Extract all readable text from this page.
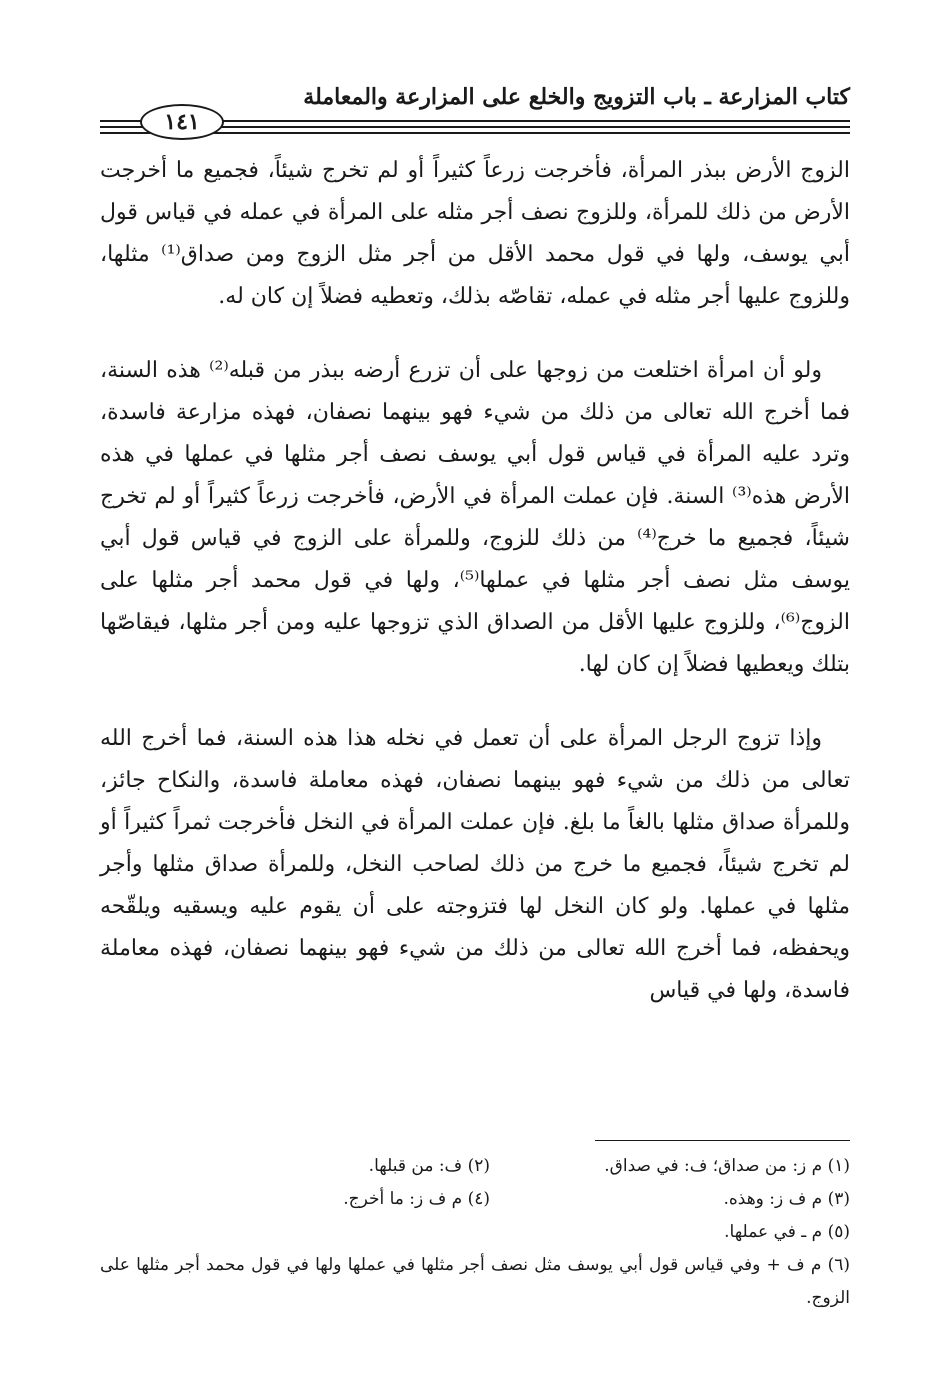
كتاب المزارعة ـ باب التزويج والخلع على المزارعة والمعاملة
١٤١

الزوج الأرض ببذر المرأة، فأخرجت زرعاً كثيراً أو لم تخرج شيئاً، فجميع ما أخرجت الأرض من ذلك للمرأة، وللزوج نصف أجر مثله على المرأة في عمله في قياس قول أبي يوسف، ولها في قول محمد الأقل من أجر مثل الزوج ومن صداق⁽¹⁾ مثلها، وللزوج عليها أجر مثله في عمله، تقاصّه بذلك، وتعطيه فضلاً إن كان له.

ولو أن امرأة اختلعت من زوجها على أن تزرع أرضه ببذر من قبله⁽²⁾ هذه السنة، فما أخرج الله تعالى من ذلك من شيء فهو بينهما نصفان، فهذه مزارعة فاسدة، وترد عليه المرأة في قياس قول أبي يوسف نصف أجر مثلها في عملها في هذه الأرض هذه⁽³⁾ السنة. فإن عملت المرأة في الأرض، فأخرجت زرعاً كثيراً أو لم تخرج شيئاً، فجميع ما خرج⁽⁴⁾ من ذلك للزوج، وللمرأة على الزوج في قياس قول أبي يوسف مثل نصف أجر مثلها في عملها⁽⁵⁾، ولها في قول محمد أجر مثلها على الزوج⁽⁶⁾، وللزوج عليها الأقل من الصداق الذي تزوجها عليه ومن أجر مثلها، فيقاصّها بتلك ويعطيها فضلاً إن كان لها.

وإذا تزوج الرجل المرأة على أن تعمل في نخله هذا هذه السنة، فما أخرج الله تعالى من ذلك من شيء فهو بينهما نصفان، فهذه معاملة فاسدة، والنكاح جائز، وللمرأة صداق مثلها بالغاً ما بلغ. فإن عملت المرأة في النخل فأخرجت ثمراً كثيراً أو لم تخرج شيئاً، فجميع ما خرج من ذلك لصاحب النخل، وللمرأة صداق مثلها وأجر مثلها في عملها. ولو كان النخل لها فتزوجته على أن يقوم عليه ويسقيه ويلقّحه ويحفظه، فما أخرج الله تعالى من ذلك من شيء فهو بينهما نصفان، فهذه معاملة فاسدة، ولها في قياس

(١) م ز: من صداق؛ ف: في صداق.
(٢) ف: من قبلها.
(٣) م ف ز: وهذه.
(٤) م ف ز: ما أخرج.
(٥) م ـ في عملها.
(٦) م ف + وفي قياس قول أبي يوسف مثل نصف أجر مثلها في عملها ولها في قول محمد أجر مثلها على الزوج.
